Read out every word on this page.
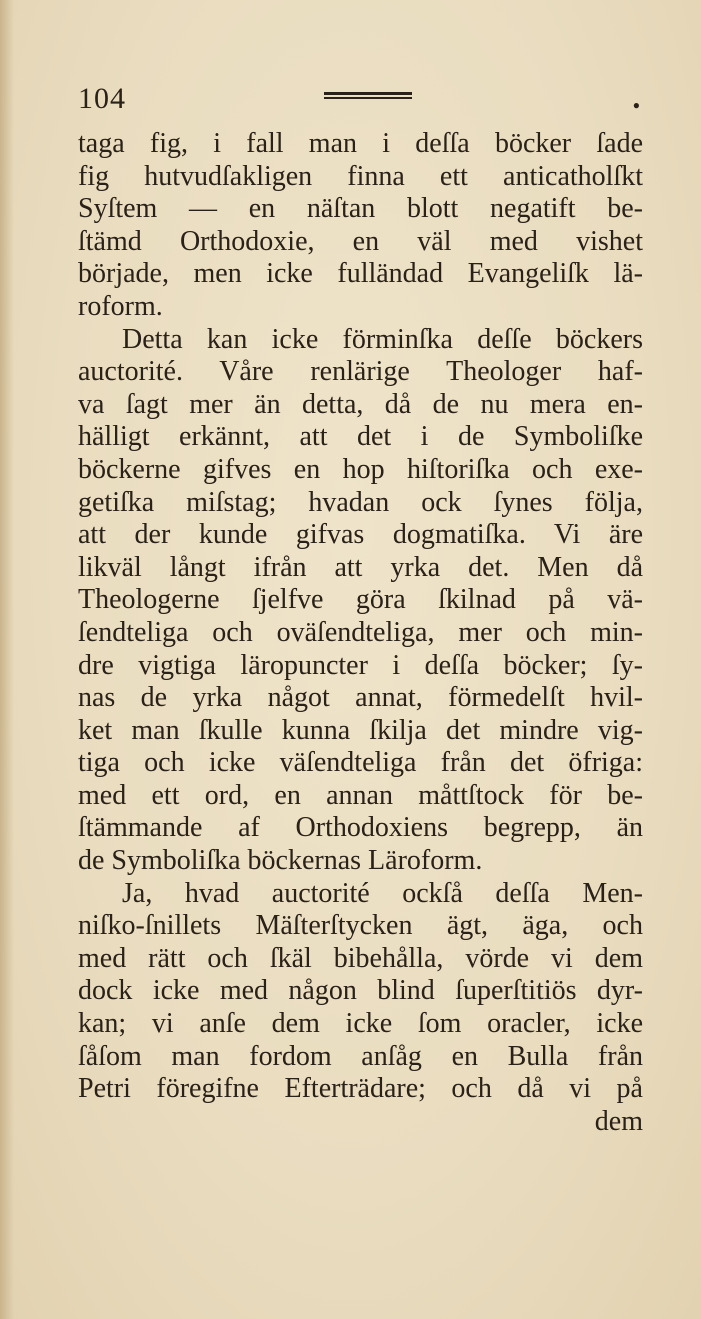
104	●
taga fig, i fall man i deſſa böcker ſade
fig hutvudſakligen finna ett anticatholſkt
Syſtem — en näſtan blott negatift be-
ſtämd Orthodoxie, en väl med vishet
började, men icke fulländad Evangeliſk lä-
roform.
Detta kan icke förminſka deſſe böckers
auctorité. Våre renlärige Theologer haf-
va ſagt mer än detta, då de nu mera en-
hälligt erkännt, att det i de Symboliſke
böckerne gifves en hop hiſtoriſka och exe-
getiſka miſstag; hvadan ock ſynes följa,
att der kunde gifvas dogmatiſka. Vi äre
likväl långt ifrån att yrka det. Men då
Theologerne ſjelfve göra ſkilnad på vä-
ſendteliga och oväſendteliga, mer och min-
dre vigtiga läropuncter i deſſa böcker; ſy-
nas de yrka något annat, förmedelſt hvil-
ket man ſkulle kunna ſkilja det mindre vig-
tiga och icke väſendteliga från det öfriga:
med ett ord, en annan måttſtock för be-
ſtämmande af Orthodoxiens begrepp, än
de Symboliſka böckernas Läroform.
Ja, hvad auctorité ockſå deſſa Men-
niſko-ſnillets Mäſterſtycken ägt, äga, och
med rätt och ſkäl bibehålla, vörde vi dem
dock icke med någon blind ſuperſtitiös dyr-
kan; vi anſe dem icke ſom oracler, icke
ſåſom man fordom anſåg en Bulla från
Petri föregifne Efterträdare; och då vi på
dem
